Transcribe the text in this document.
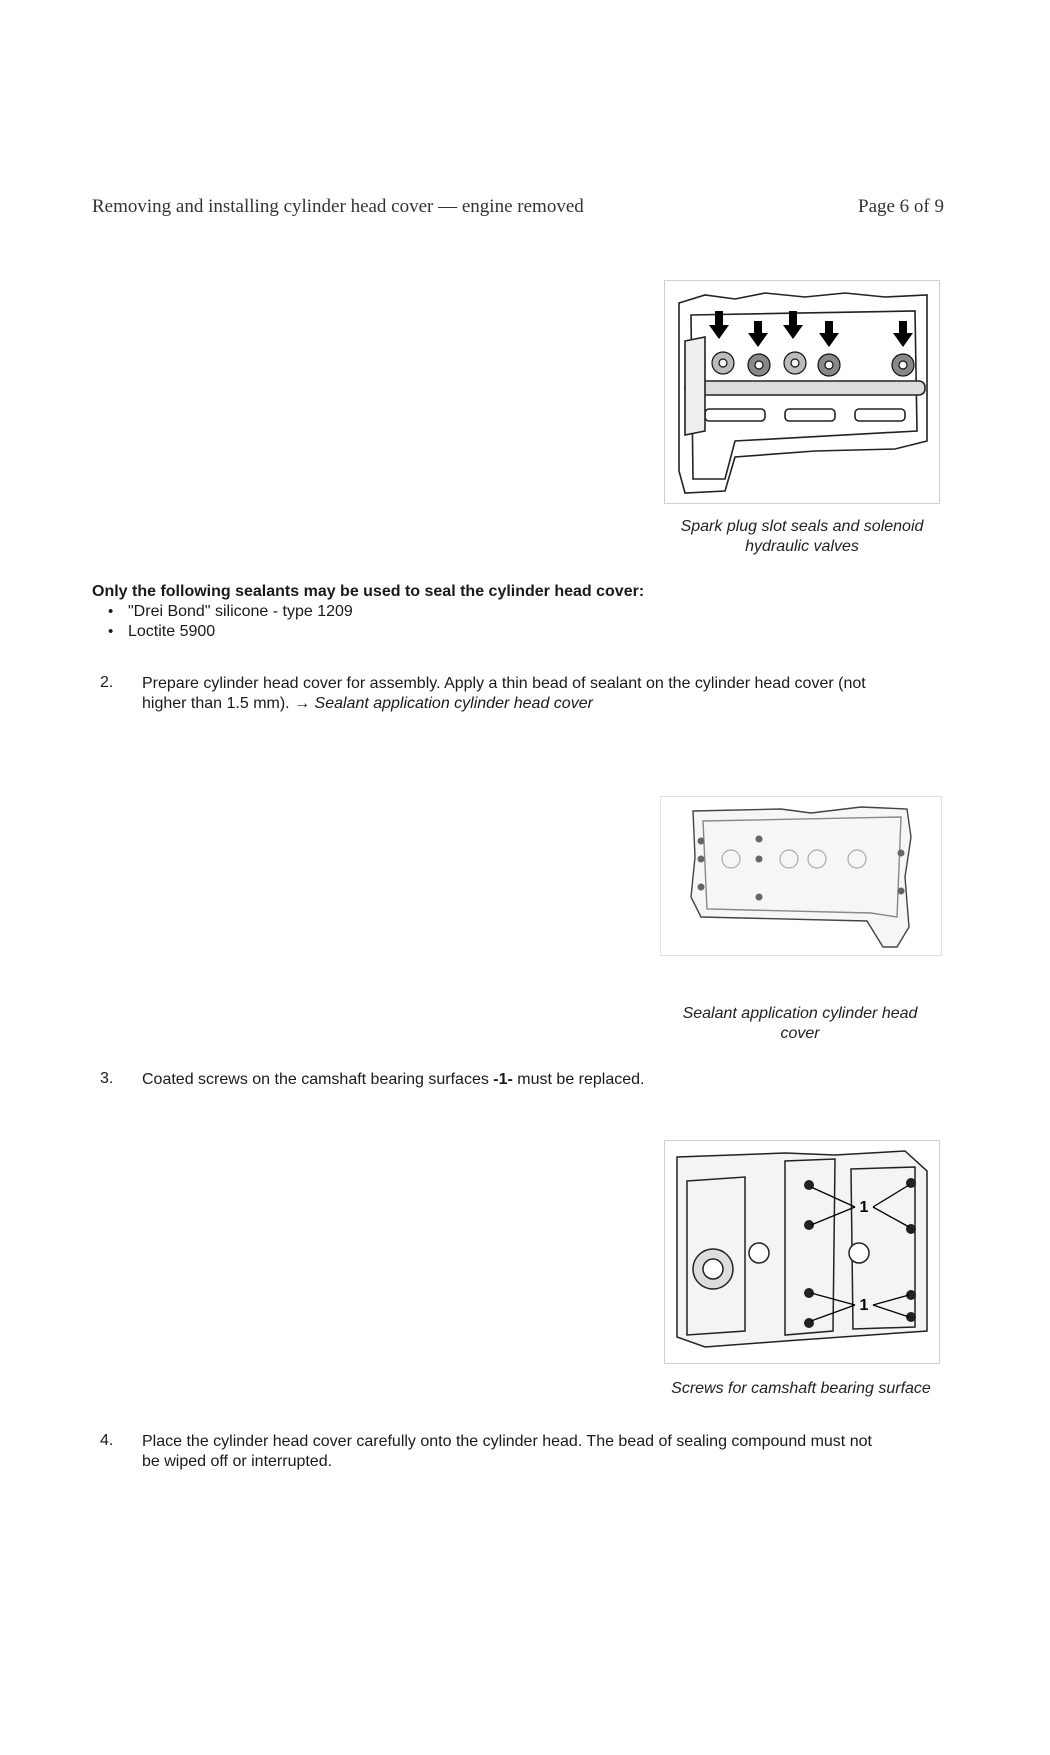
Removing and installing cylinder head cover — engine removed	Page 6 of 9
Spark plug slot seals and solenoid
hydraulic valves
Only the following sealants may be used to seal the cylinder head cover:
• "Drei Bond" silicone - type 1209
• Loctite 5900
2. Prepare cylinder head cover for assembly. Apply a thin bead of sealant on the cylinder head cover (not
higher than 1.5 mm). → Sealant application cylinder head cover
Sealant application cylinder head
cover
3. Coated screws on the camshaft bearing surfaces -1- must be replaced.
1
1
Screws for camshaft bearing surface
4. Place the cylinder head cover carefully onto the cylinder head. The bead of sealing compound must not
be wiped off or interrupted.
